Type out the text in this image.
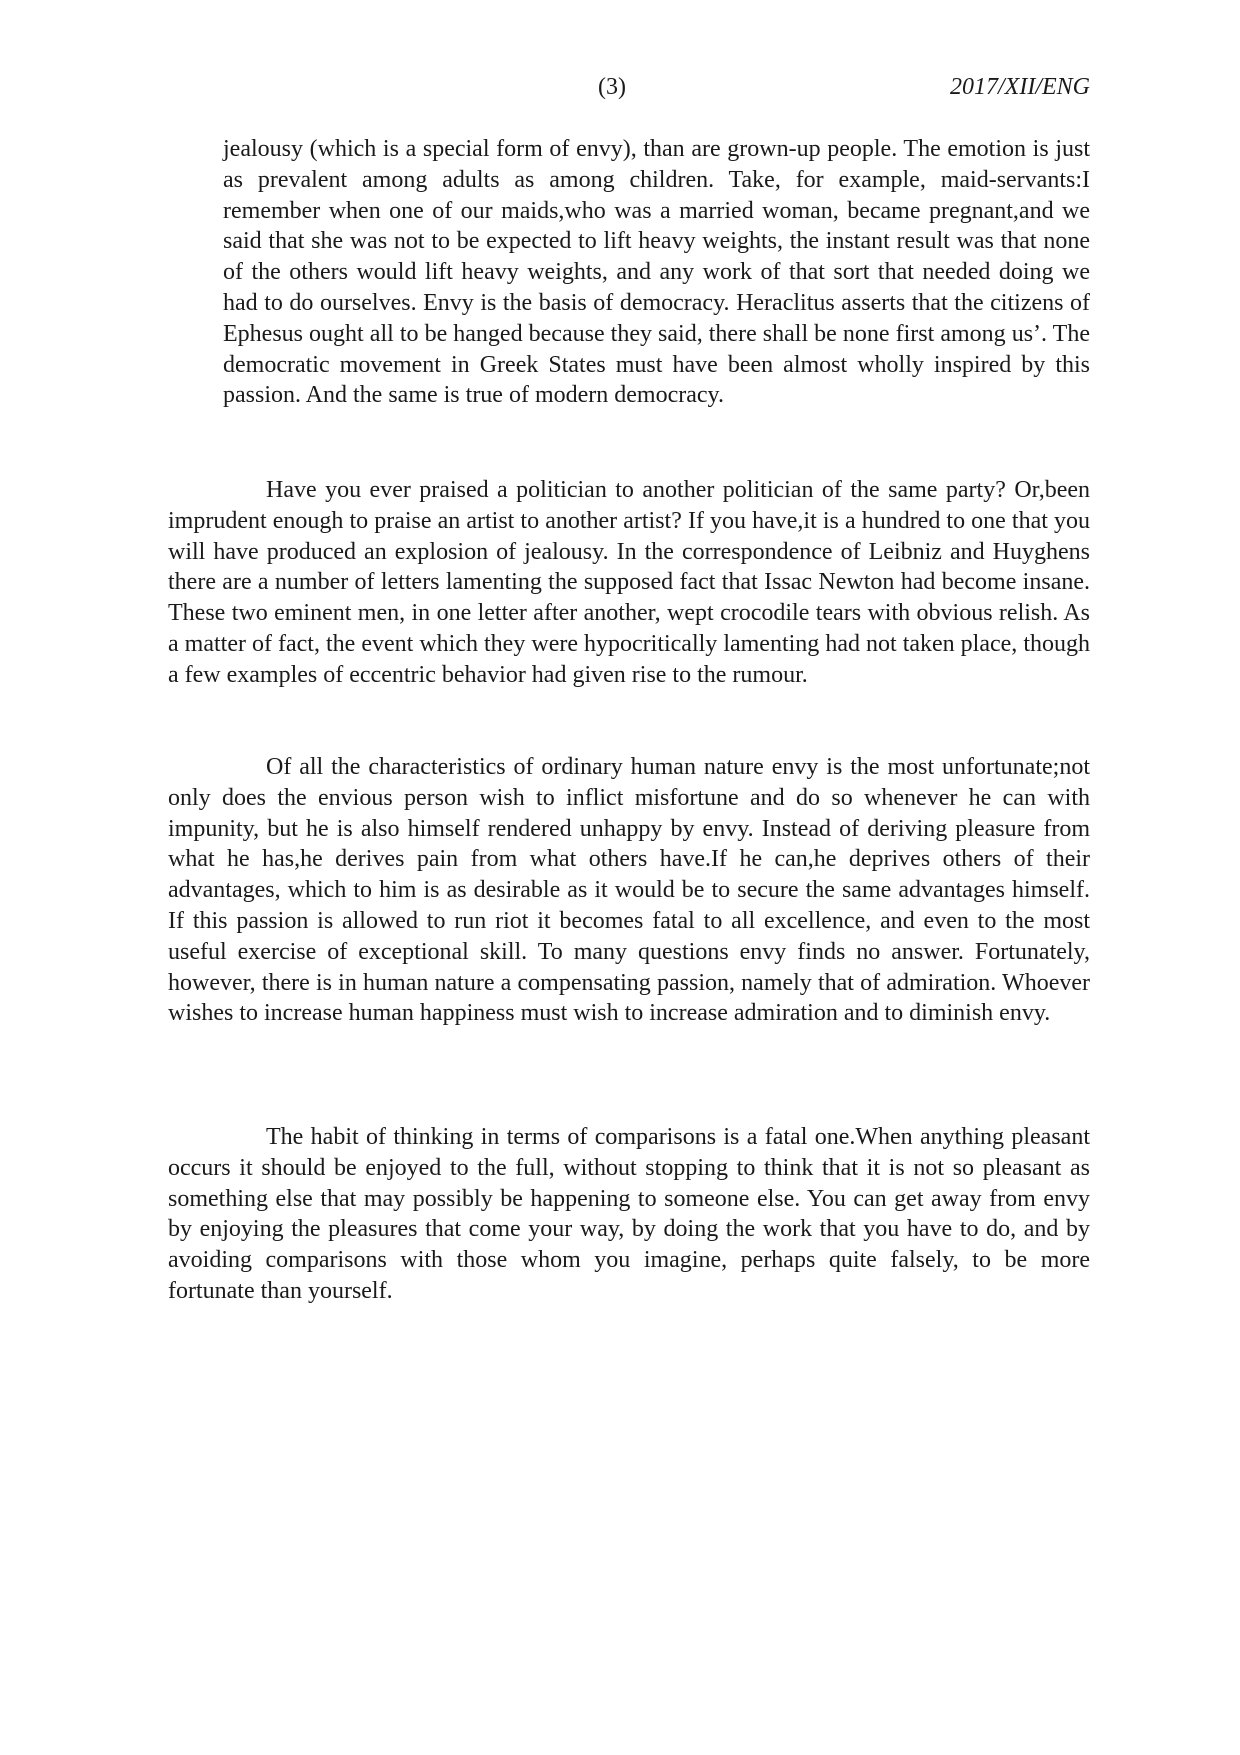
(3)	2017/XII/ENG

jealousy (which is a special form of envy), than are grown-up people. The emotion is just as prevalent among adults as among children. Take, for example, maid-servants:I remember when one of our maids,who was a married woman, became pregnant,and we said that she was not to be expected to lift heavy weights, the instant result was that none of the others would lift heavy weights, and any work of that sort that needed doing we had to do ourselves. Envy is the basis of democracy. Heraclitus asserts that the citizens of Ephesus ought all to be hanged because they said, there shall be none first among us’. The democratic movement in Greek States must have been almost wholly inspired by this passion. And the same is true of modern democracy.

Have you ever praised a politician to another politician of the same party? Or,been imprudent enough to praise an artist to another artist? If you have,it is a hundred to one that you will have produced an explosion of jealousy. In the correspondence of Leibniz and Huyghens there are a number of letters lamenting the supposed fact that Issac Newton had become insane. These two eminent men, in one letter after another, wept crocodile tears with obvious relish. As a matter of fact, the event which they were hypocritically lamenting had not taken place, though a few examples of eccentric behavior had given rise to the rumour.

Of all the characteristics of ordinary human nature envy is the most unfortunate;not only does the envious person wish to inflict misfortune and do so whenever he can with impunity, but he is also himself rendered unhappy by envy. Instead of deriving pleasure from what he has,he derives pain from what others have.If he can,he deprives others of their advantages, which to him is as desirable as it would be to secure the same advantages himself. If this passion is allowed to run riot it becomes fatal to all excellence, and even to the most useful exercise of exceptional skill. To many questions envy finds no answer. Fortunately, however, there is in human nature a compensating passion, namely that of admiration. Whoever wishes to increase human happiness must wish to increase admiration and to diminish envy.

The habit of thinking in terms of comparisons is a fatal one.When anything pleasant occurs it should be enjoyed to the full, without stopping to think that it is not so pleasant as something else that may possibly be happening to someone else. You can get away from envy by enjoying the pleasures that come your way, by doing the work that you have to do, and by avoiding comparisons with those whom you imagine, perhaps quite falsely, to be more fortunate than yourself.
